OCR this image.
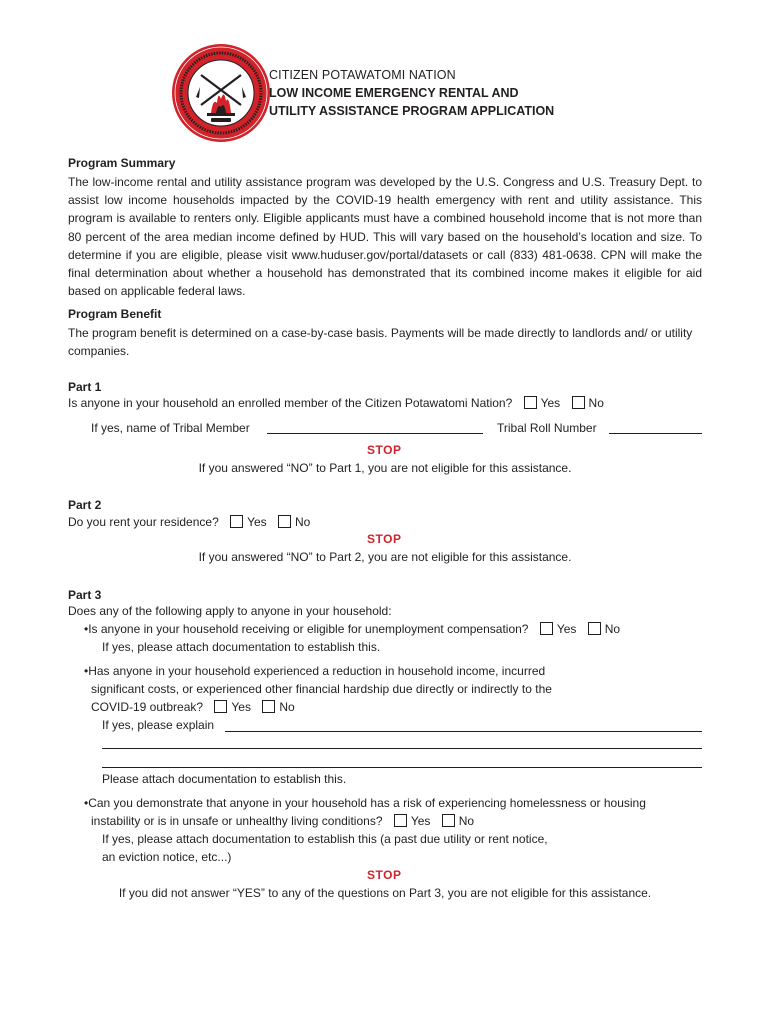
CITIZEN POTAWATOMI NATION
LOW INCOME EMERGENCY RENTAL AND
UTILITY ASSISTANCE PROGRAM APPLICATION
Program Summary
The low-income rental and utility assistance program was developed by the U.S. Congress and U.S. Treasury Dept. to assist low income households impacted by the COVID-19 health emergency with rent and utility assistance. This program is available to renters only. Eligible applicants must have a combined household income that is not more than 80 percent of the area median income defined by HUD. This will vary based on the household’s location and size. To determine if you are eligible, please visit www.huduser.gov/portal/datasets or call (833) 481-0638. CPN will make the final determination about whether a household has demonstrated that its combined income makes it eligible for aid based on applicable federal laws.
Program Benefit
The program benefit is determined on a case-by-case basis. Payments will be made directly to landlords and/ or utility companies.
Part 1
Is anyone in your household an enrolled member of the Citizen Potawatomi Nation? Yes No
If yes, name of Tribal Member	Tribal Roll Number
STOP
If you answered “NO” to Part 1, you are not eligible for this assistance.
Part 2
Do you rent your residence? Yes No
STOP
If you answered “NO” to Part 2, you are not eligible for this assistance.
Part 3
Does any of the following apply to anyone in your household:
•Is anyone in your household receiving or eligible for unemployment compensation? Yes No
If yes, please attach documentation to establish this.
•Has anyone in your household experienced a reduction in household income, incurred
significant costs, or experienced other financial hardship due directly or indirectly to the
COVID-19 outbreak? Yes No
If yes, please explain
Please attach documentation to establish this.
•Can you demonstrate that anyone in your household has a risk of experiencing homelessness or housing
instability or is in unsafe or unhealthy living conditions? Yes No
If yes, please attach documentation to establish this (a past due utility or rent notice,
an eviction notice, etc...)
STOP
If you did not answer “YES” to any of the questions on Part 3, you are not eligible for this assistance.
